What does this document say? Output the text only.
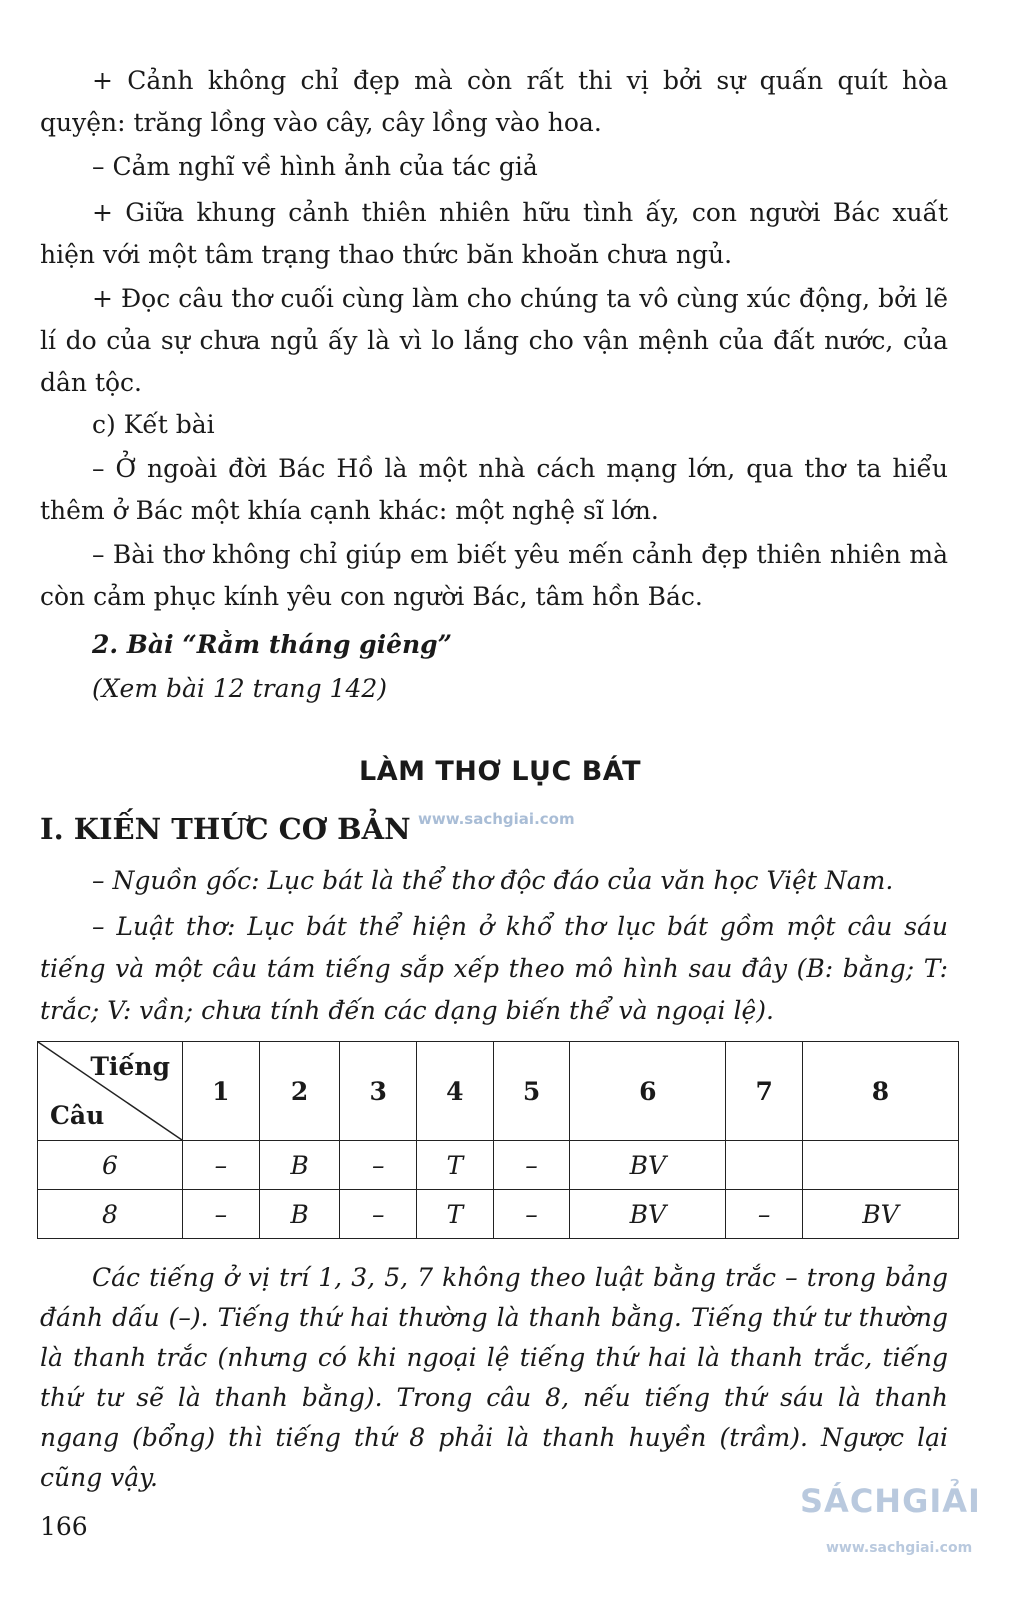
+ Cảnh không chỉ đẹp mà còn rất thi vị bởi sự quấn quít hòa quyện: trăng lồng vào cây, cây lồng vào hoa.

– Cảm nghĩ về hình ảnh của tác giả

+ Giữa khung cảnh thiên nhiên hữu tình ấy, con người Bác xuất hiện với một tâm trạng thao thức băn khoăn chưa ngủ.

+ Đọc câu thơ cuối cùng làm cho chúng ta vô cùng xúc động, bởi lẽ lí do của sự chưa ngủ ấy là vì lo lắng cho vận mệnh của đất nước, của dân tộc.

c) Kết bài

– Ở ngoài đời Bác Hồ là một nhà cách mạng lớn, qua thơ ta hiểu thêm ở Bác một khía cạnh khác: một nghệ sĩ lớn.

– Bài thơ không chỉ giúp em biết yêu mến cảnh đẹp thiên nhiên mà còn cảm phục kính yêu con người Bác, tâm hồn Bác.

2. Bài “Rằm tháng giêng”

(Xem bài 12 trang 142)

LÀM THƠ LỤC BÁT
I. KIẾN THỨC CƠ BẢN www.sachgiai.com

– Nguồn gốc: Lục bát là thể thơ độc đáo của văn học Việt Nam.

– Luật thơ: Lục bát thể hiện ở khổ thơ lục bát gồm một câu sáu tiếng và một câu tám tiếng sắp xếp theo mô hình sau đây (B: bằng; T: trắc; V: vần; chưa tính đến các dạng biến thể và ngoại lệ).

Tiếng
Câu	1	2	3	4	5	6	7	8
6	–	B	–	T	–	BV		
8	–	B	–	T	–	BV	–	BV

Các tiếng ở vị trí 1, 3, 5, 7 không theo luật bằng trắc – trong bảng đánh dấu (–). Tiếng thứ hai thường là thanh bằng. Tiếng thứ tư thường là thanh trắc (nhưng có khi ngoại lệ tiếng thứ hai là thanh trắc, tiếng thứ tư sẽ là thanh bằng). Trong câu 8, nếu tiếng thứ sáu là thanh ngang (bổng) thì tiếng thứ 8 phải là thanh huyền (trầm). Ngược lại cũng vậy.

166
SÁCHGIẢI
www.sachgiai.com
